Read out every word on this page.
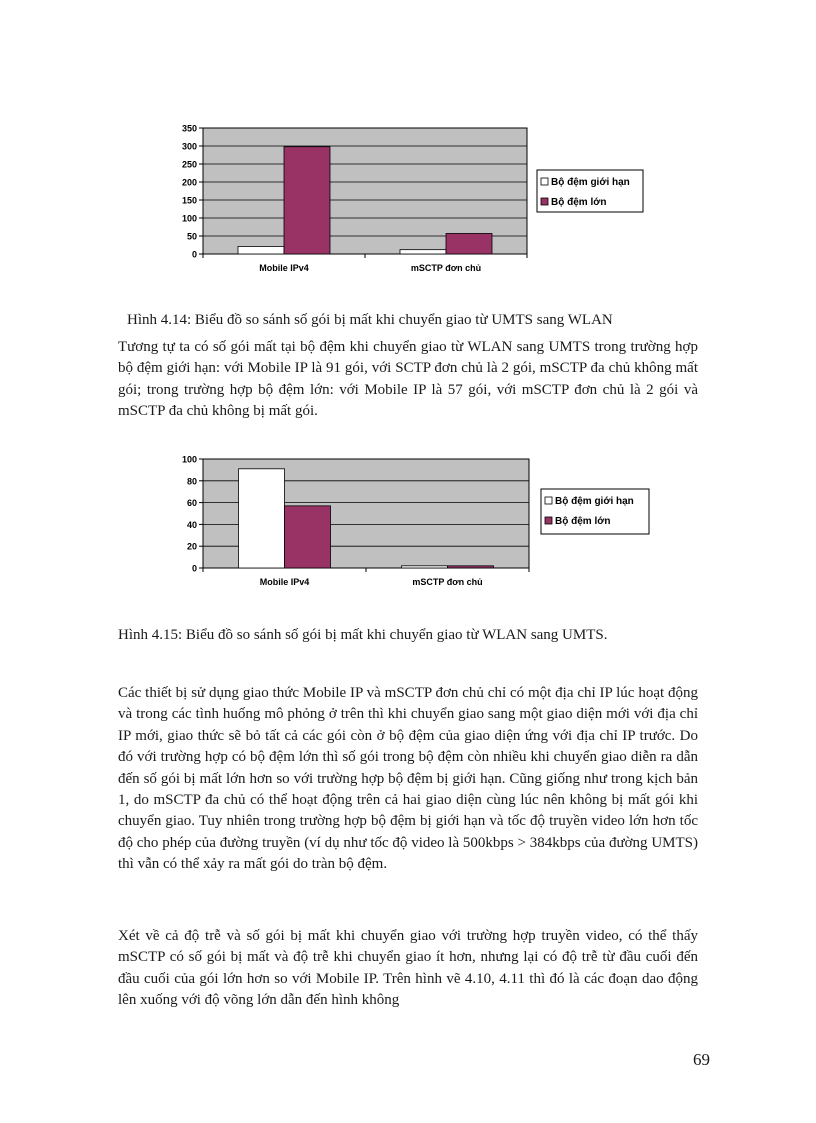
0
50
100
150
200
250
300
350
Mobile IPv4	mSCTP đơn chủ
Bộ đệm giới hạn
Bộ đệm lớn

Hình 4.14: Biểu đồ so sánh số gói bị mất khi chuyển giao từ UMTS sang WLAN

Tương tự ta có số gói mất tại bộ đệm khi chuyển giao từ WLAN sang UMTS trong trường hợp bộ đệm giới hạn: với Mobile IP là 91 gói, với SCTP đơn chủ là 2 gói, mSCTP đa chủ không mất gói; trong trường hợp bộ đệm lớn: với Mobile IP là 57 gói, với mSCTP đơn chủ là 2 gói và mSCTP đa chủ không bị mất gói.

0
20
40
60
80
100
Mobile IPv4	mSCTP đơn chủ
Bộ đệm giới hạn
Bộ đệm lớn

Hình 4.15: Biểu đồ so sánh số gói bị mất khi chuyển giao từ WLAN sang UMTS.

Các thiết bị sử dụng giao thức Mobile IP và mSCTP đơn chủ chỉ có một địa chỉ IP lúc hoạt động và trong các tình huống mô phỏng ở trên thì khi chuyển giao sang một giao diện mới với địa chỉ IP mới, giao thức sẽ bỏ tất cả các gói còn ở bộ đệm của giao diện ứng với địa chỉ IP trước. Do đó với trường hợp có bộ đệm lớn thì số gói trong bộ đệm còn nhiều khi chuyển giao diễn ra dẫn đến số gói bị mất lớn hơn so với trường hợp bộ đệm bị giới hạn. Cũng giống như trong kịch bản 1, do mSCTP đa chủ có thể hoạt động trên cả hai giao diện cùng lúc nên không bị mất gói khi chuyển giao. Tuy nhiên trong trường hợp bộ đệm bị giới hạn và tốc độ truyền video lớn hơn tốc độ cho phép của đường truyền (ví dụ như tốc độ video là 500kbps > 384kbps của đường UMTS) thì vẫn có thể xảy ra mất gói do tràn bộ đệm.

Xét về cả độ trễ và số gói bị mất khi chuyển giao với trường hợp truyền video, có thể thấy mSCTP có số gói bị mất và độ trễ khi chuyển giao ít hơn, nhưng lại có độ trễ từ đầu cuối đến đầu cuối của gói lớn hơn so với Mobile IP. Trên hình vẽ 4.10, 4.11 thì đó là các đoạn dao động lên xuống với độ võng lớn dẫn đến hình không

69
